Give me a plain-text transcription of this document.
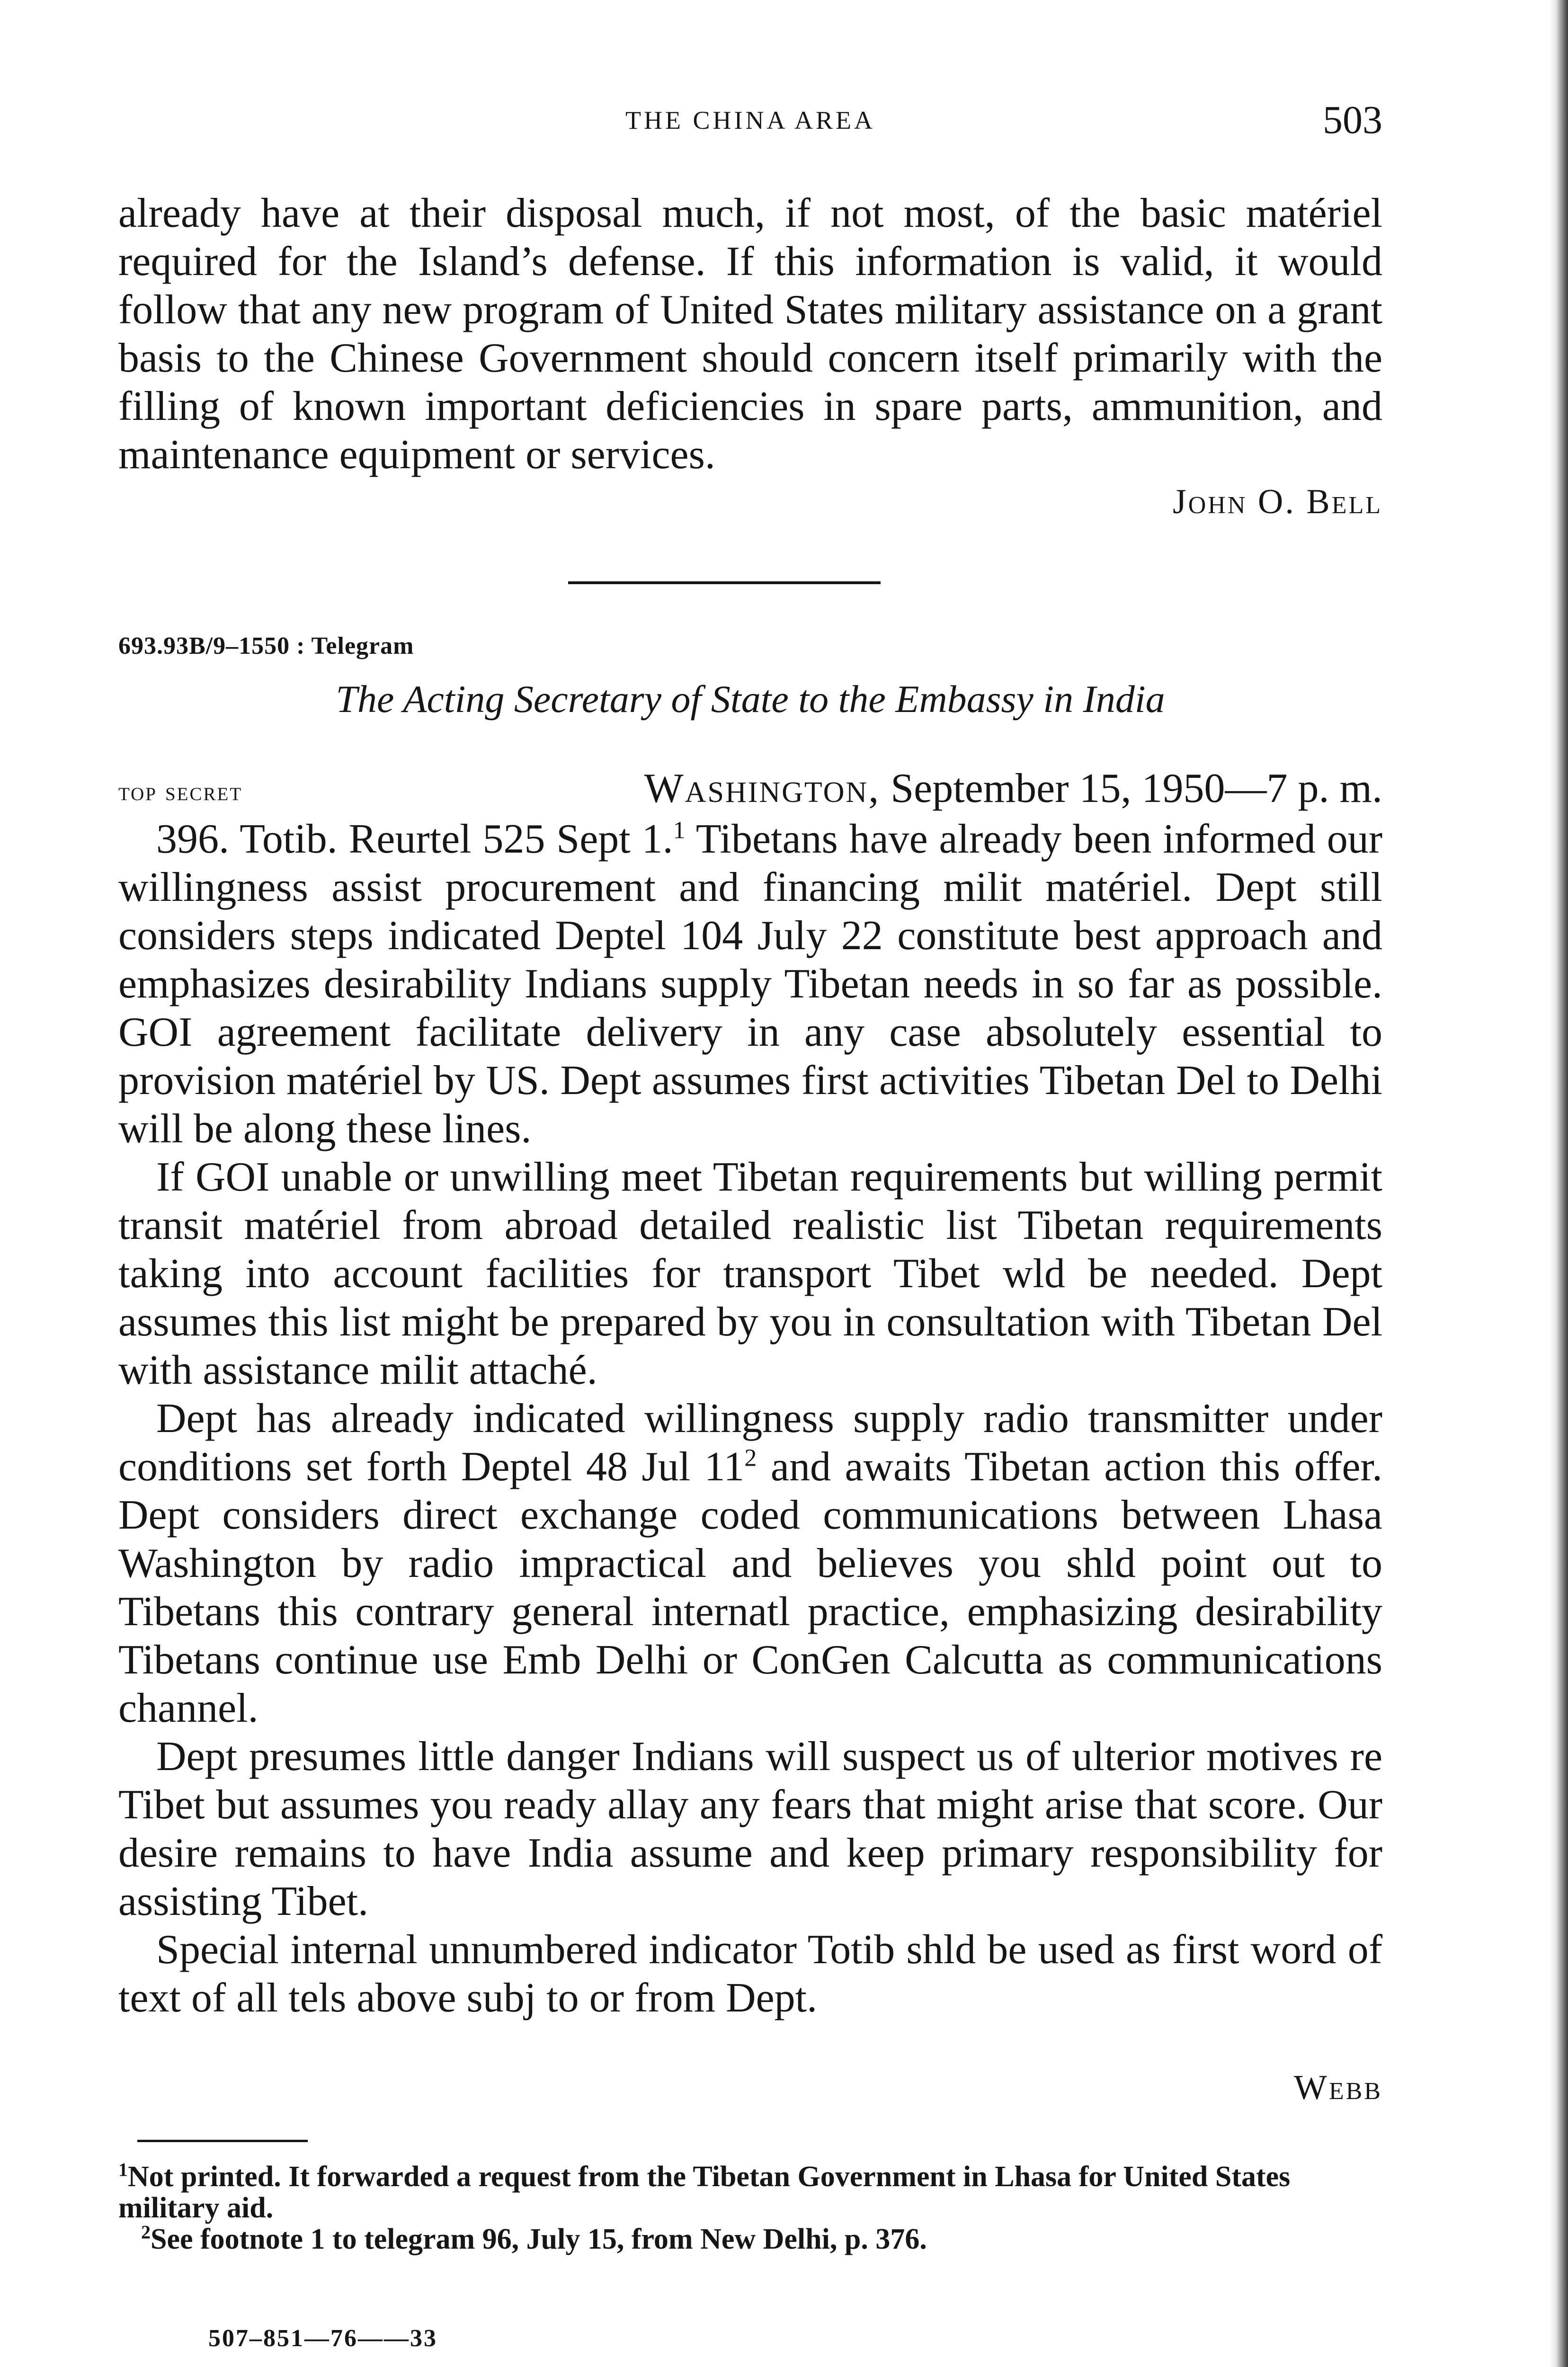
THE CHINA AREA	503

already have at their disposal much, if not most, of the basic matériel required for the Island’s defense. If this information is valid, it would follow that any new program of United States military assistance on a grant basis to the Chinese Government should concern itself primarily with the filling of known important deficiencies in spare parts, ammunition, and maintenance equipment or services.

John O. Bell
693.93B/9–1550 : Telegram
The Acting Secretary of State to the Embassy in India
top secret	Washington, September 15, 1950—7 p. m.

396. Totib. Reurtel 525 Sept 1.$^1$ Tibetans have already been informed our willingness assist procurement and financing milit matériel. Dept still considers steps indicated Deptel 104 July 22 constitute best approach and emphasizes desirability Indians supply Tibetan needs in so far as possible. GOI agreement facilitate delivery in any case absolutely essential to provision matériel by US. Dept assumes first activities Tibetan Del to Delhi will be along these lines.

If GOI unable or unwilling meet Tibetan requirements but willing permit transit matériel from abroad detailed realistic list Tibetan requirements taking into account facilities for transport Tibet wld be needed. Dept assumes this list might be prepared by you in consultation with Tibetan Del with assistance milit attaché.

Dept has already indicated willingness supply radio transmitter under conditions set forth Deptel 48 Jul $11^2$ and awaits Tibetan action this offer. Dept considers direct exchange coded communications between Lhasa Washington by radio impractical and believes you shld point out to Tibetans this contrary general internatl practice, emphasizing desirability Tibetans continue use Emb Delhi or ConGen Calcutta as communications channel.

Dept presumes little danger Indians will suspect us of ulterior motives re Tibet but assumes you ready allay any fears that might arise that score. Our desire remains to have India assume and keep primary responsibility for assisting Tibet.

Special internal unnumbered indicator Totib shld be used as first word of text of all tels above subj to or from Dept.

Webb

$^1$Not printed. It forwarded a request from the Tibetan Government in Lhasa for United States military aid.

$^2$See footnote 1 to telegram 96, July 15, from New Delhi, p. 376.

507–851—76——33
